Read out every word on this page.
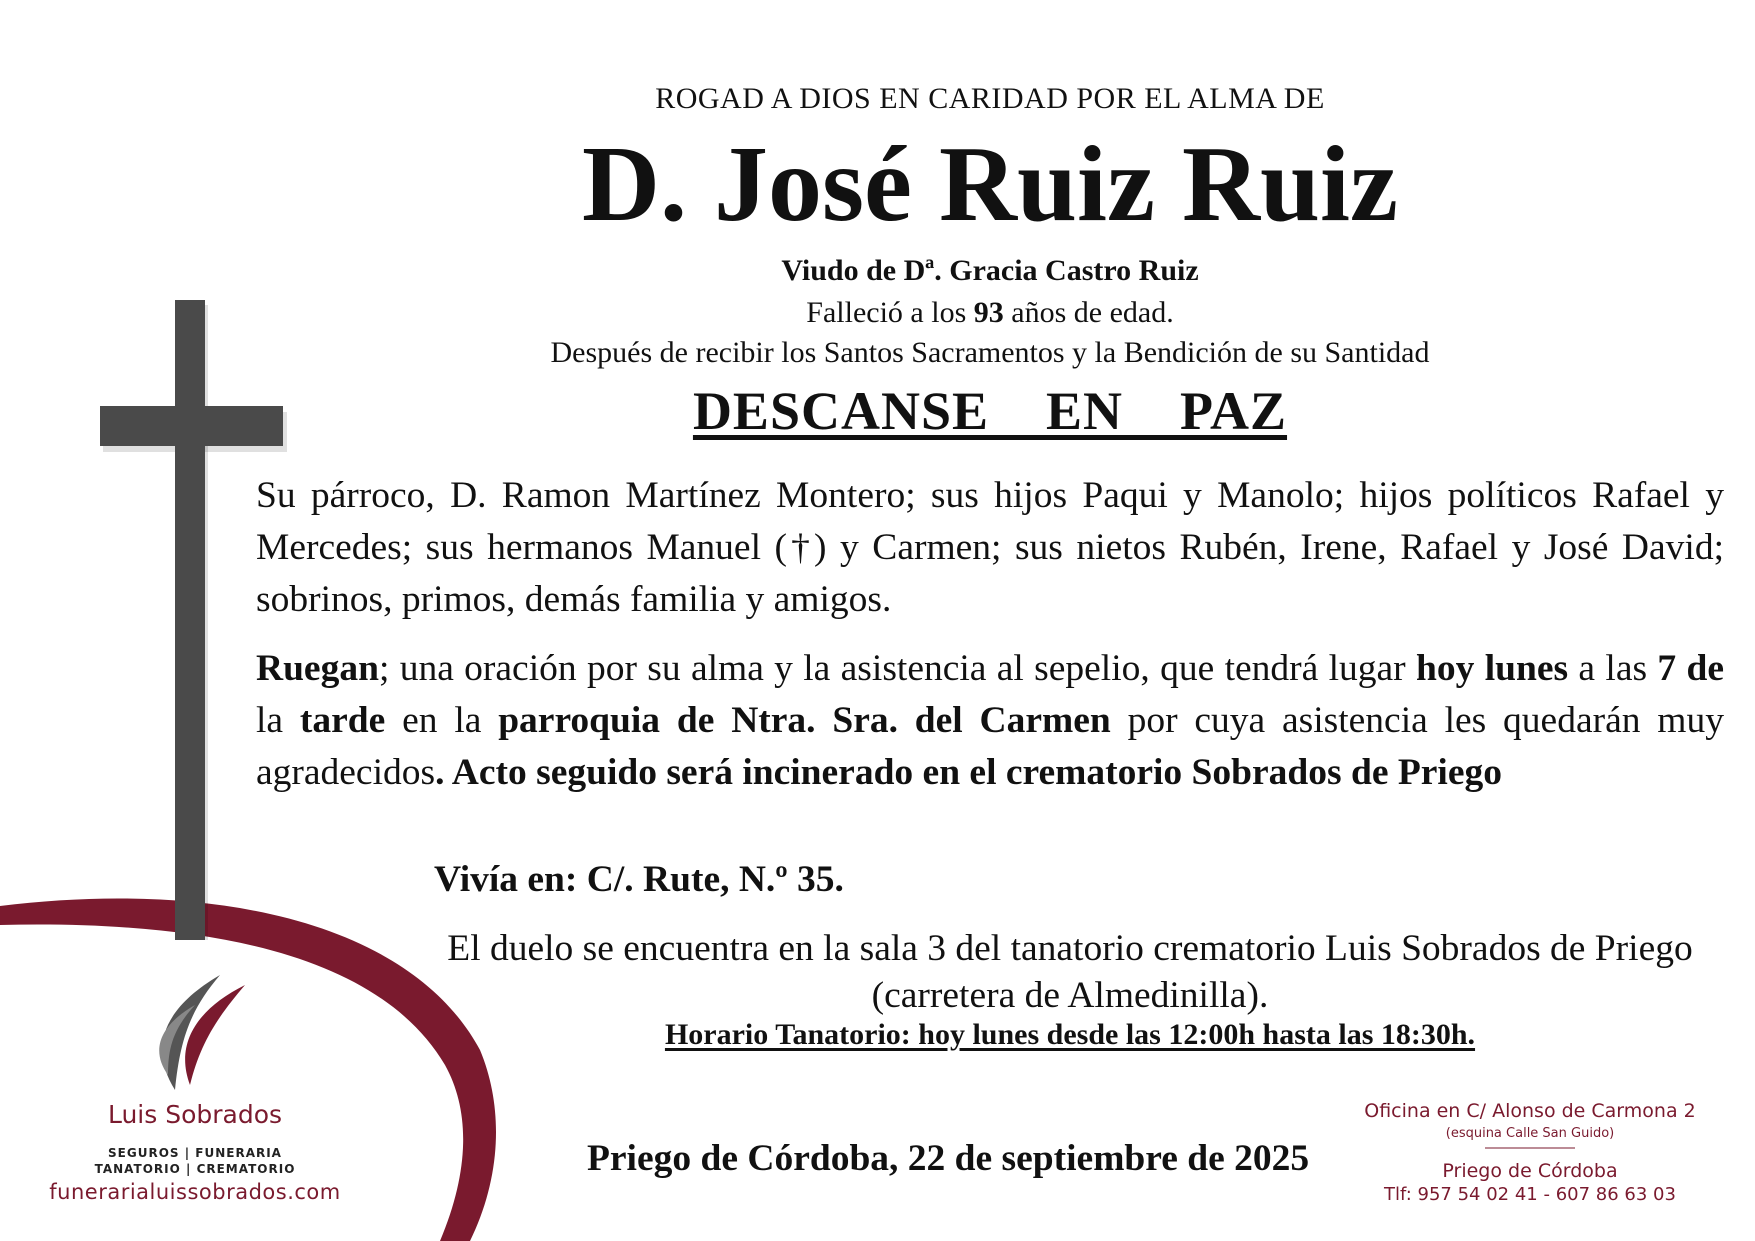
ROGAD A DIOS EN CARIDAD POR EL ALMA DE
D. José Ruiz Ruiz
Viudo de Dª. Gracia Castro Ruiz
Falleció a los 93 años de edad.
Después de recibir los Santos Sacramentos y la Bendición de su Santidad
DESCANSE  EN  PAZ
Su párroco, D. Ramon Martínez Montero; sus hijos Paqui y Manolo; hijos políticos Rafael y Mercedes; sus hermanos Manuel (†) y Carmen; sus nietos Rubén, Irene, Rafael y José David; sobrinos, primos, demás familia y amigos.
Ruegan; una oración por su alma y la asistencia al sepelio, que tendrá lugar hoy lunes a las 7 de la tarde en la parroquia de Ntra. Sra. del Carmen por cuya asistencia les quedarán muy agradecidos. Acto seguido será incinerado en el crematorio Sobrados de Priego
Vivía en: C/. Rute, N.º 35.
El duelo se encuentra en la sala 3 del tanatorio crematorio Luis Sobrados de Priego
(carretera de Almedinilla).
Horario Tanatorio: hoy lunes desde las 12:00h hasta las 18:30h.
Priego de Córdoba, 22 de septiembre de 2025
Luis Sobrados
SEGUROS | FUNERARIA
TANATORIO | CREMATORIO
funerarialuissobrados.com
Oficina en C/ Alonso de Carmona 2
(esquina Calle San Guido)
Priego de Córdoba
Tlf: 957 54 02 41 - 607 86 63 03
